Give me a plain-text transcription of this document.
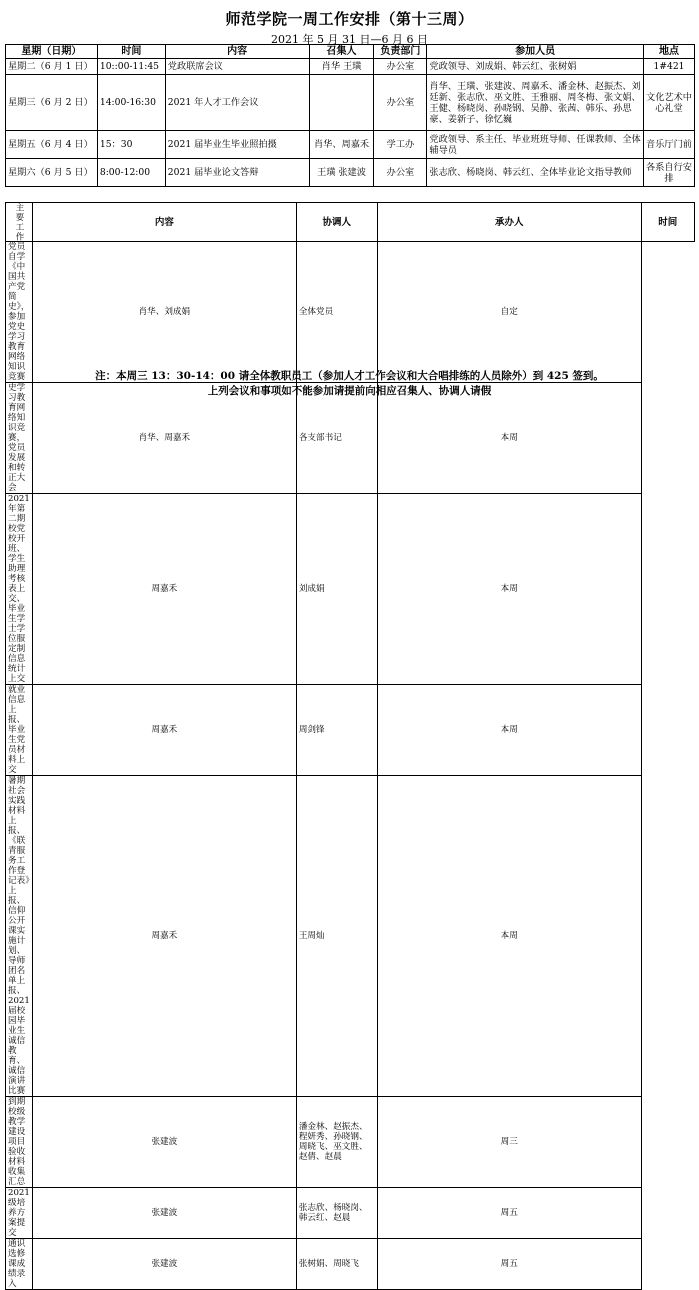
师范学院一周工作安排（第十三周）
2021 年 5 月 31 日—6 月 6 日
星期（日期）	时间	内容	召集人	负责部门	参加人员	地点
星期二（6 月 1 日）	10::00-11:45	党政联席会议	肖华 王璜	办公室	党政领导、刘成娟、韩云红、张树娟	1#421
星期三（6 月 2 日）	14:00-16:30	2021 年人才工作会议		办公室	肖华、王璜、张建波、周嘉禾、潘金林、赵振杰、刘廷新、张志欣、巫文胜、王雅丽、周冬梅、张文娟、王健、杨晓岗、孙晓钢、吴静、张茜、韩乐、孙思豪、姜新子、徐忆巍	文化艺术中心礼堂
星期五（6 月 4 日）	15：30	2021 届毕业生毕业照拍摄	肖华、周嘉禾	学工办	党政领导、系主任、毕业班班导师、任课教师、全体辅导员	音乐厅门前
星期六（6 月 5 日）	8:00-12:00	2021 届毕业论文答辩	王璜 张建波	办公室	张志欣、杨晓岗、韩云红、全体毕业论文指导教师	各系自行安排
主要工作	内容	协调人	承办人	时间
党员自学《中国共产党简史》，参加党史学习教育网络知识竞赛	肖华、刘成娟	全体党员	自定	
史学习教育网络知识竞赛，党员发展和转正大会	肖华、周嘉禾	各支部书记	本周	
2021 年第二期校党校开班、学生助理考核表上交、毕业生学士学位服定制信息统计上交	周嘉禾	刘成娟	本周	
就业信息上报、毕业生党员材料上交	周嘉禾	周剑锋	本周	
暑期社会实践材料上报、《联青服务工作登记表》上报、信仰公开课实施计划、导师团名单上报、2021 届校园毕业生诚信教育、诚信演讲比赛	周嘉禾	王周灿	本周	
到期校级教学建设项目验收材料收集汇总	张建波	潘金林、赵振杰、程妍秀、孙晓钢、周晓飞、巫文胜、赵倩、赵晨	周三	
2021 级培养方案提交	张建波	张志欣、杨晓岗、韩云红、赵晨	周五	
通识选修课成绩录入	张建波	张树娟、周晓飞	周五	
注：本周三 13：30-14：00 请全体教职员工（参加人才工作会议和大合唱排练的人员除外）到 425 签到。
上列会议和事项如不能参加请提前向相应召集人、协调人请假
